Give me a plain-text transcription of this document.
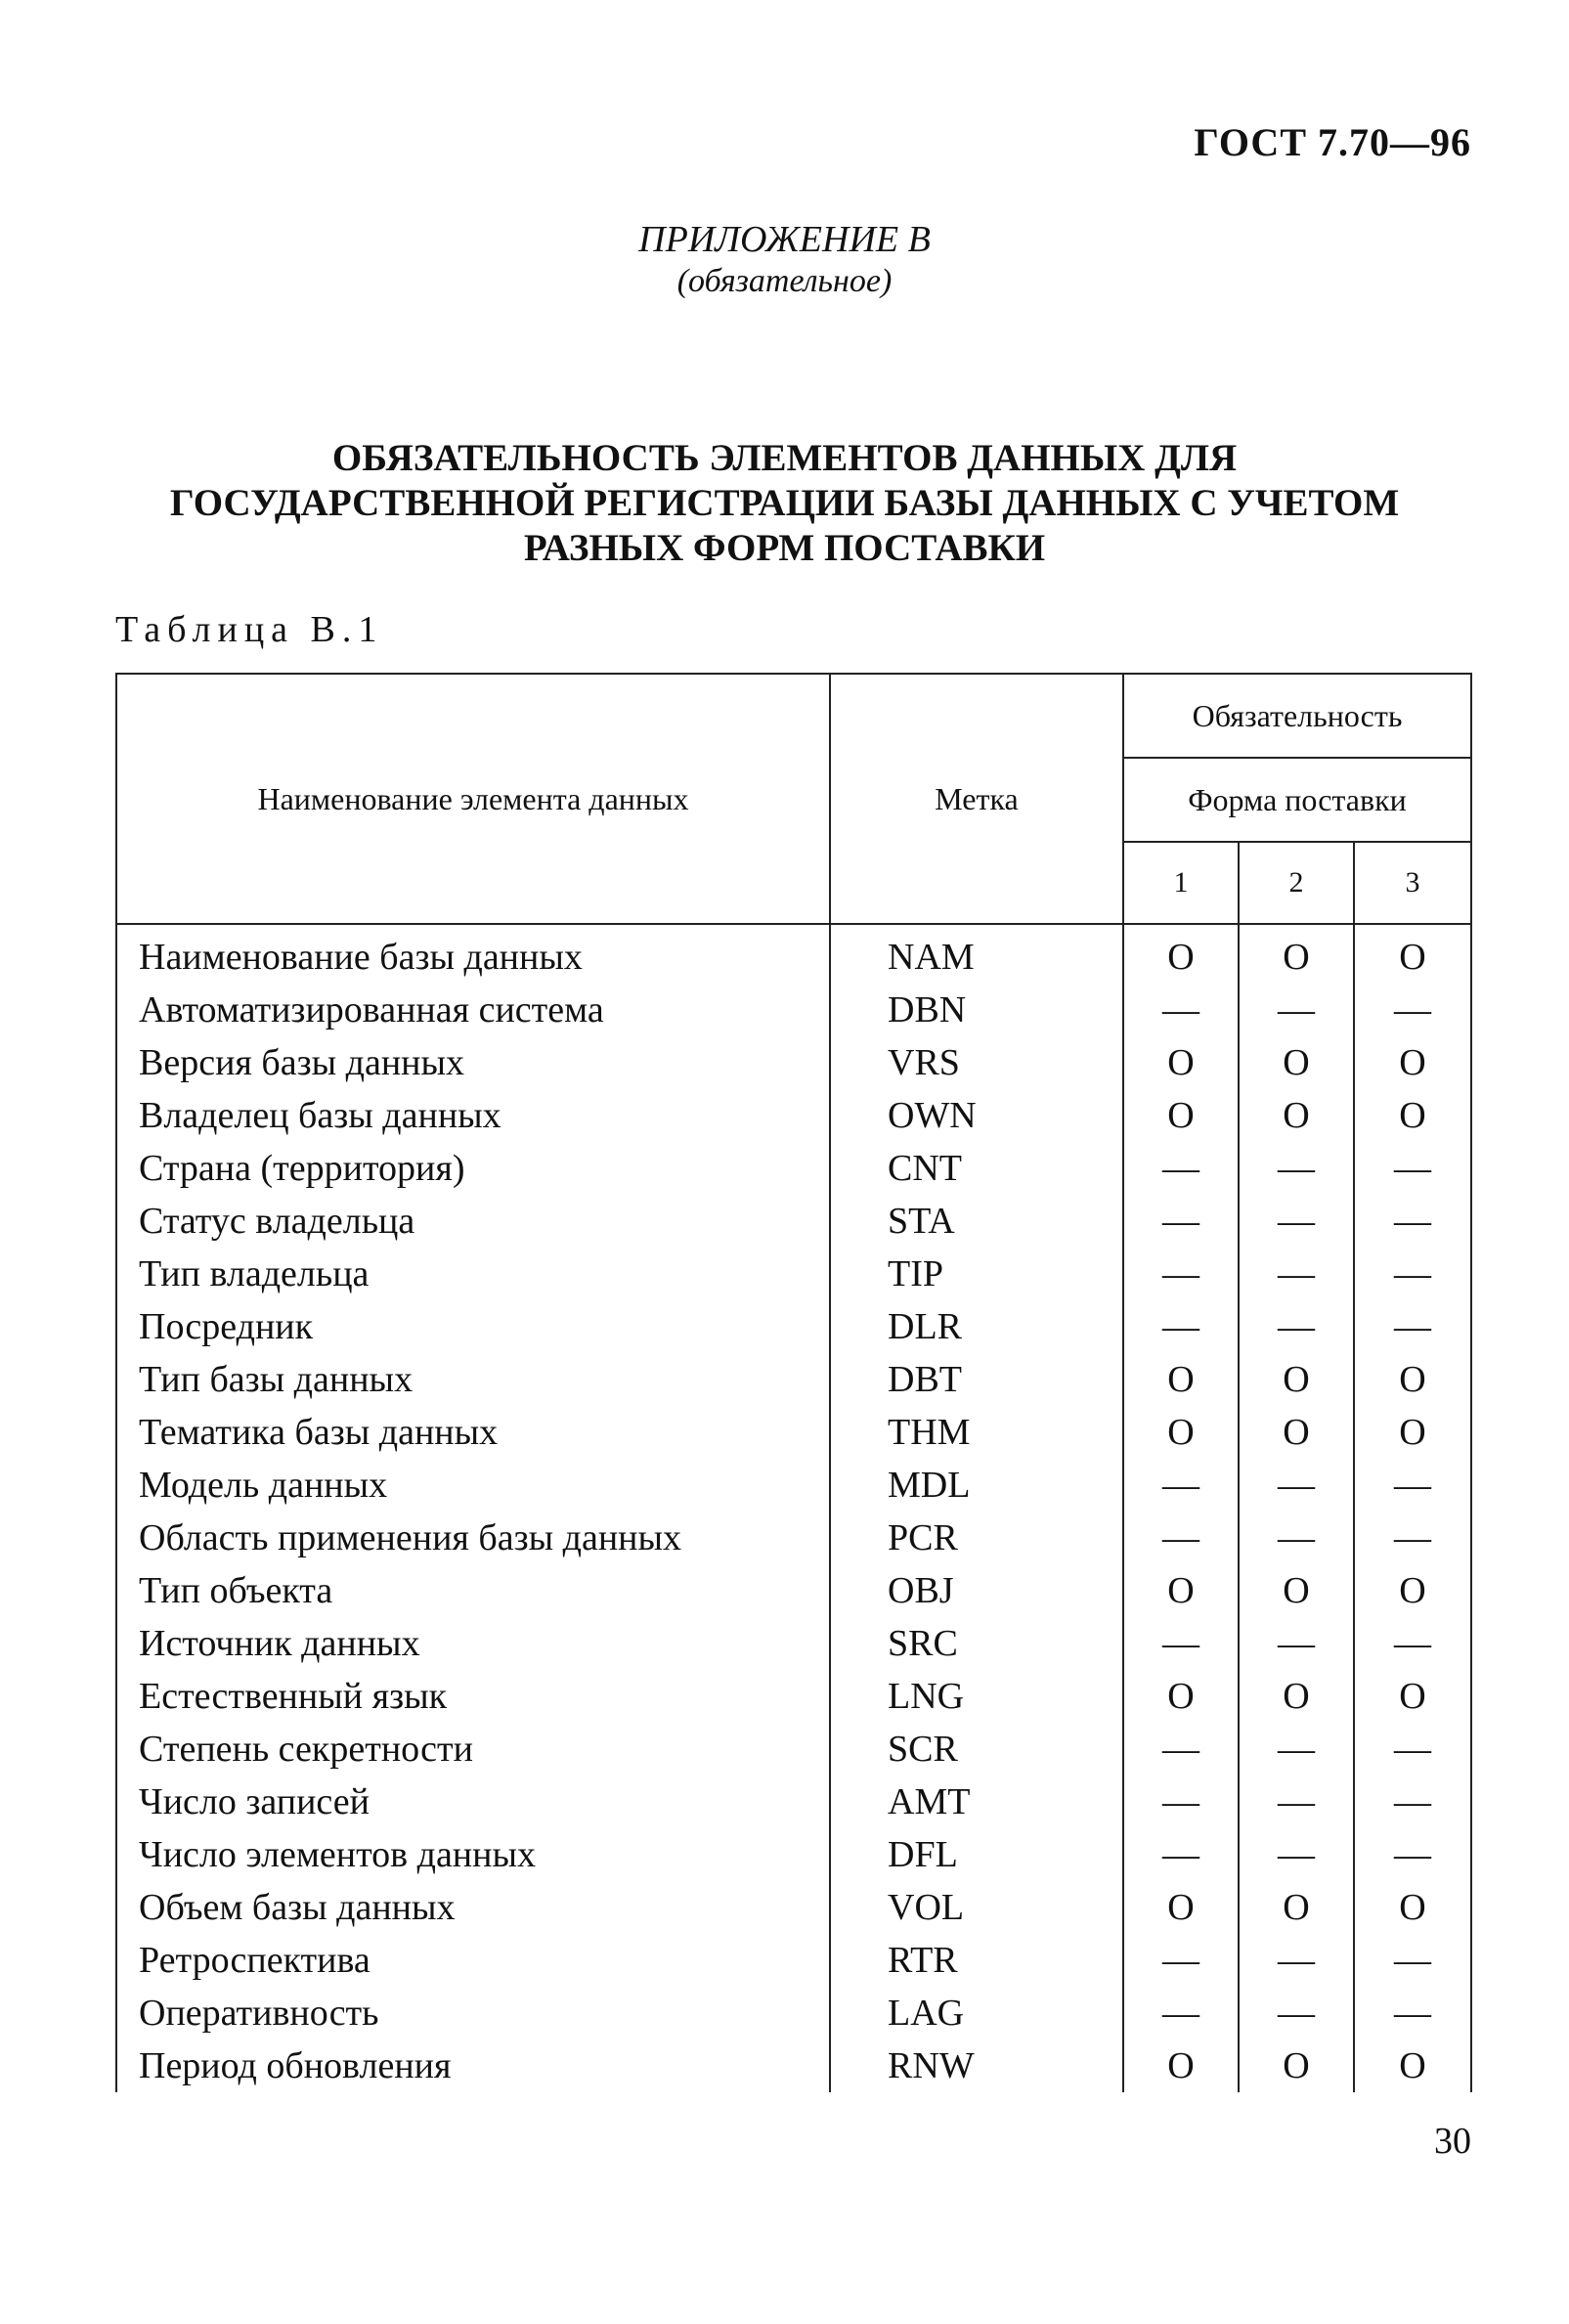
ГОСТ 7.70—96
ПРИЛОЖЕНИЕ В
(обязательное)
ОБЯЗАТЕЛЬНОСТЬ ЭЛЕМЕНТОВ ДАННЫХ ДЛЯ
ГОСУДАРСТВЕННОЙ РЕГИСТРАЦИИ БАЗЫ ДАННЫХ С УЧЕТОМ
РАЗНЫХ ФОРМ ПОСТАВКИ
Таблица В.1
Наименование элемента данных	Метка	Обязательность		
		Форма поставки		
		1	2	3
Наименование базы данных	NAM	O	O	O
Автоматизированная система	DBN	—	—	—
Версия базы данных	VRS	O	O	O
Владелец базы данных	OWN	O	O	O
Страна (территория)	CNT	—	—	—
Статус владельца	STA	—	—	—
Тип владельца	TIP	—	—	—
Посредник	DLR	—	—	—
Тип базы данных	DBT	O	O	O
Тематика базы данных	THM	O	O	O
Модель данных	MDL	—	—	—
Область применения базы данных	PCR	—	—	—
Тип объекта	OBJ	O	O	O
Источник данных	SRC	—	—	—
Естественный язык	LNG	O	O	O
Степень секретности	SCR	—	—	—
Число записей	AMT	—	—	—
Число элементов данных	DFL	—	—	—
Объем базы данных	VOL	O	O	O
Ретроспектива	RTR	—	—	—
Оперативность	LAG	—	—	—
Период обновления	RNW	O	O	O
30
